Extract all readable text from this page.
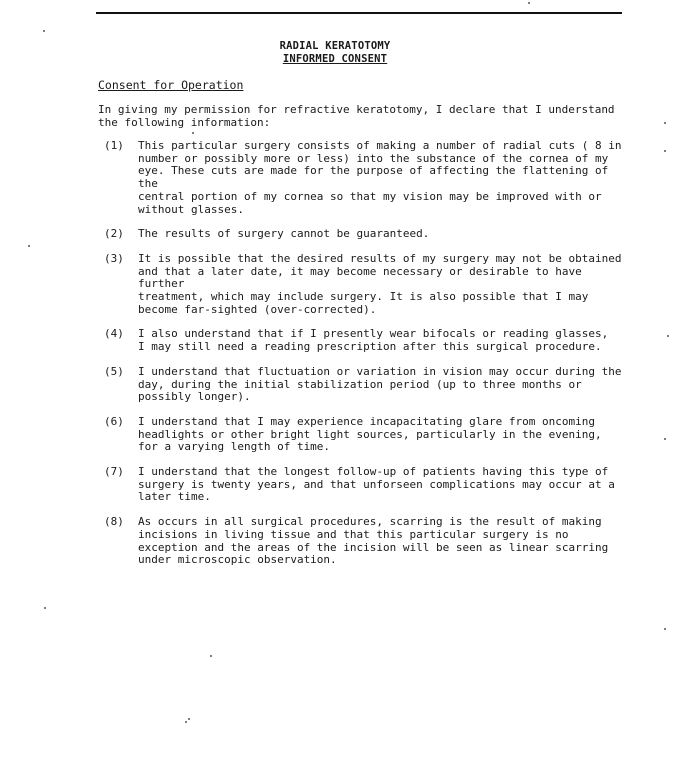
RADIAL KERATOTOMY
INFORMED CONSENT
Consent for Operation
In giving my permission for refractive keratotomy, I declare that I understand
the following information:
(1)	This particular surgery consists of making a number of radial cuts ( 8 in
number or possibly more or less) into the substance of the cornea of my
eye. These cuts are made for the purpose of affecting the flattening of the
central portion of my cornea so that my vision may be improved with or
without glasses.
(2)	The results of surgery cannot be guaranteed.
(3)	It is possible that the desired results of my surgery may not be obtained
and that a later date, it may become necessary or desirable to have further
treatment, which may include surgery. It is also possible that I may
become far-sighted (over-corrected).
(4)	I also understand that if I presently wear bifocals or reading glasses,
I may still need a reading prescription after this surgical procedure.
(5)	I understand that fluctuation or variation in vision may occur during the
day, during the initial stabilization period (up to three months or
possibly longer).
(6)	I understand that I may experience incapacitating glare from oncoming
headlights or other bright light sources, particularly in the evening,
for a varying length of time.
(7)	I understand that the longest follow-up of patients having this type of
surgery is twenty years, and that unforseen complications may occur at a
later time.
(8)	As occurs in all surgical procedures, scarring is the result of making
incisions in living tissue and that this particular surgery is no
exception and the areas of the incision will be seen as linear scarring
under microscopic observation.
